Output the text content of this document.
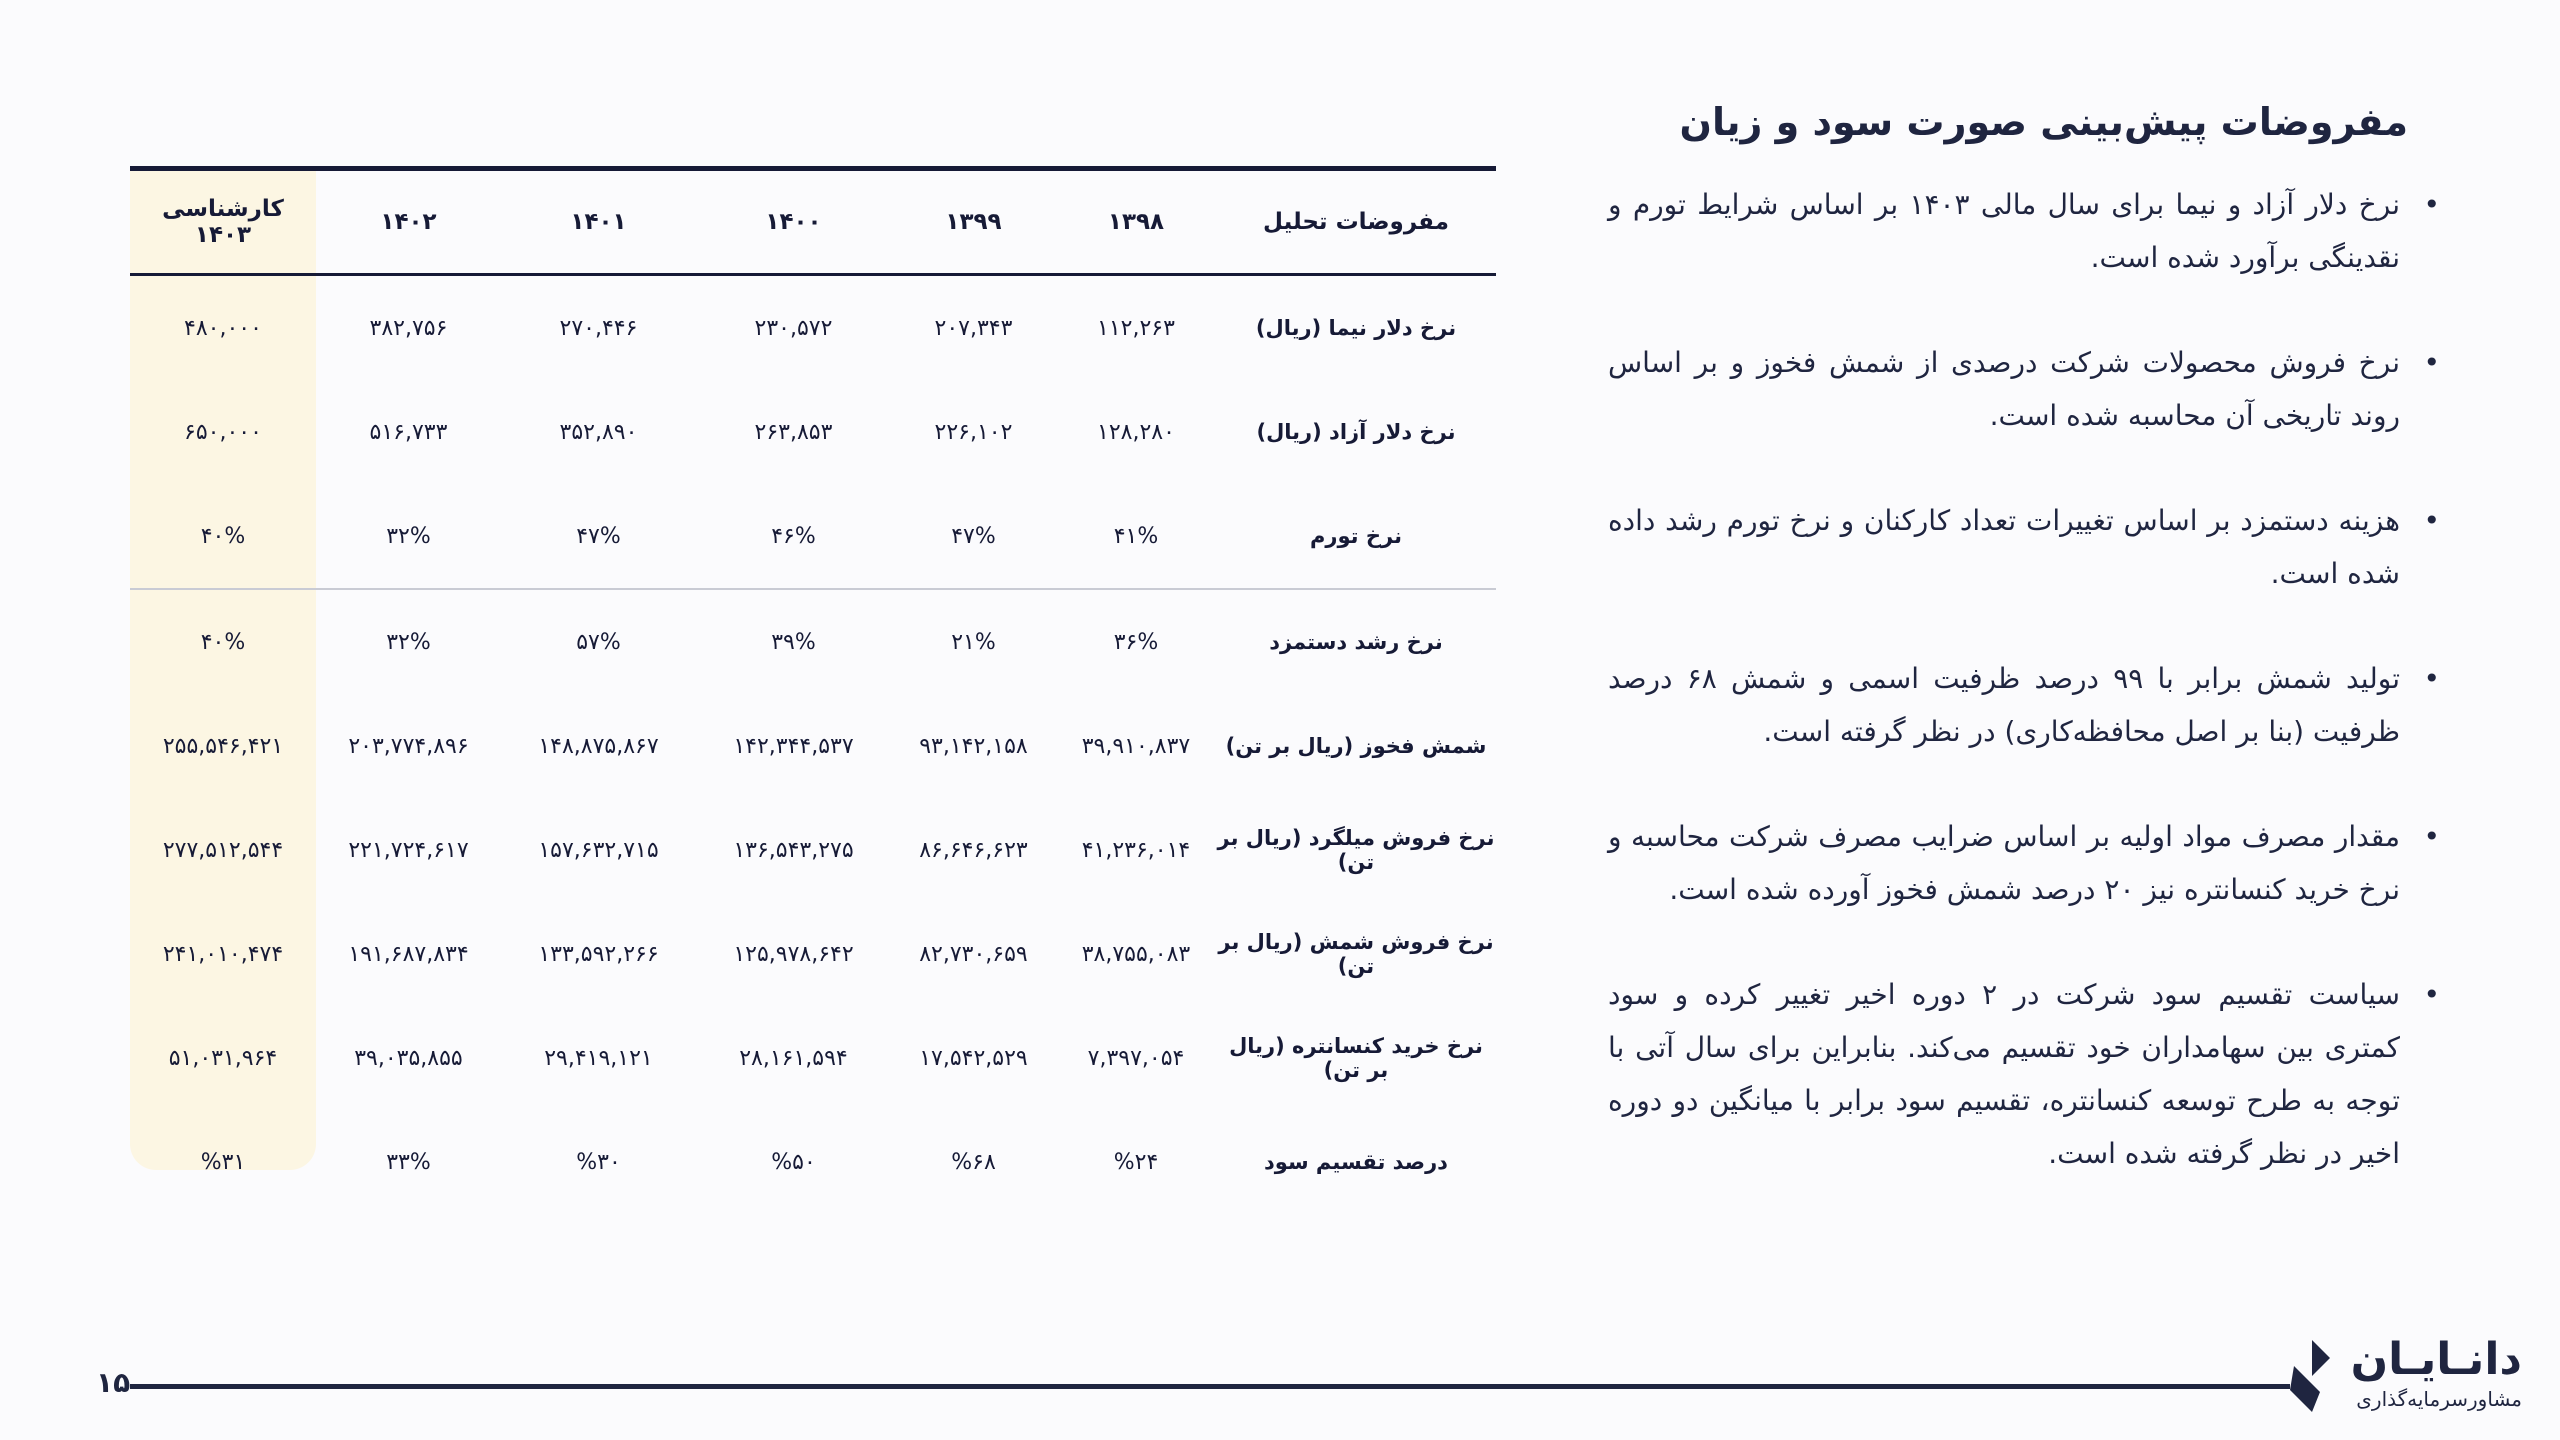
مفروضات پیش‌بینی صورت سود و زیان
•
نرخ دلار آزاد و نیما برای سال مالی ۱۴۰۳ بر اساس شرایط تورم و نقدینگی برآورد شده است.
•
نرخ فروش محصولات شرکت درصدی از شمش فخوز و بر اساس روند تاریخی آن محاسبه شده است.
•
هزینه دستمزد بر اساس تغییرات تعداد کارکنان و نرخ تورم رشد داده شده است.
•
تولید شمش برابر با ۹۹ درصد ظرفیت اسمی و شمش ۶۸ درصد ظرفیت (بنا بر اصل محافظه‌کاری) در نظر گرفته است.
•
مقدار مصرف مواد اولیه بر اساس ضرایب مصرف شرکت محاسبه و نرخ خرید کنسانتره نیز ۲۰ درصد شمش فخوز آورده شده است.
•
سیاست تقسیم سود شرکت در ۲ دوره اخیر تغییر کرده و سود کمتری بین سهامداران خود تقسیم می‌کند. بنابراین برای سال آتی با توجه به طرح توسعه کنسانتره، تقسیم سود برابر با میانگین دو دوره اخیر در نظر گرفته شده است.
مفروضات تحلیل	۱۳۹۸	۱۳۹۹	۱۴۰۰	۱۴۰۱	۱۴۰۲	کارشناسی ۱۴۰۳
نرخ دلار نیما (ریال)	۱۱۲,۲۶۳	۲۰۷,۳۴۳	۲۳۰,۵۷۲	۲۷۰,۴۴۶	۳۸۲,۷۵۶	۴۸۰,۰۰۰
نرخ دلار آزاد (ریال)	۱۲۸,۲۸۰	۲۲۶,۱۰۲	۲۶۳,۸۵۳	۳۵۲,۸۹۰	۵۱۶,۷۳۳	۶۵۰,۰۰۰
نرخ تورم	۴۱%	۴۷%	۴۶%	۴۷%	۳۲%	۴۰%
نرخ رشد دستمزد	۳۶%	۲۱%	۳۹%	۵۷%	۳۲%	۴۰%
شمش فخوز (ریال بر تن)	۳۹,۹۱۰,۸۳۷	۹۳,۱۴۲,۱۵۸	۱۴۲,۳۴۴,۵۳۷	۱۴۸,۸۷۵,۸۶۷	۲۰۳,۷۷۴,۸۹۶	۲۵۵,۵۴۶,۴۲۱
نرخ فروش میلگرد (ریال بر تن)	۴۱,۲۳۶,۰۱۴	۸۶,۶۴۶,۶۲۳	۱۳۶,۵۴۳,۲۷۵	۱۵۷,۶۳۲,۷۱۵	۲۲۱,۷۲۴,۶۱۷	۲۷۷,۵۱۲,۵۴۴
نرخ فروش شمش (ریال بر تن)	۳۸,۷۵۵,۰۸۳	۸۲,۷۳۰,۶۵۹	۱۲۵,۹۷۸,۶۴۲	۱۳۳,۵۹۲,۲۶۶	۱۹۱,۶۸۷,۸۳۴	۲۴۱,۰۱۰,۴۷۴
نرخ خرید کنسانتره (ریال بر تن)	۷,۳۹۷,۰۵۴	۱۷,۵۴۲,۵۲۹	۲۸,۱۶۱,۵۹۴	۲۹,۴۱۹,۱۲۱	۳۹,۰۳۵,۸۵۵	۵۱,۰۳۱,۹۶۴
درصد تقسیم سود	%۲۴	%۶۸	%۵۰	%۳۰	۳۳%	%۳۱
۱۵	دانـایـان
مشاورسرمایه‌گذاری
